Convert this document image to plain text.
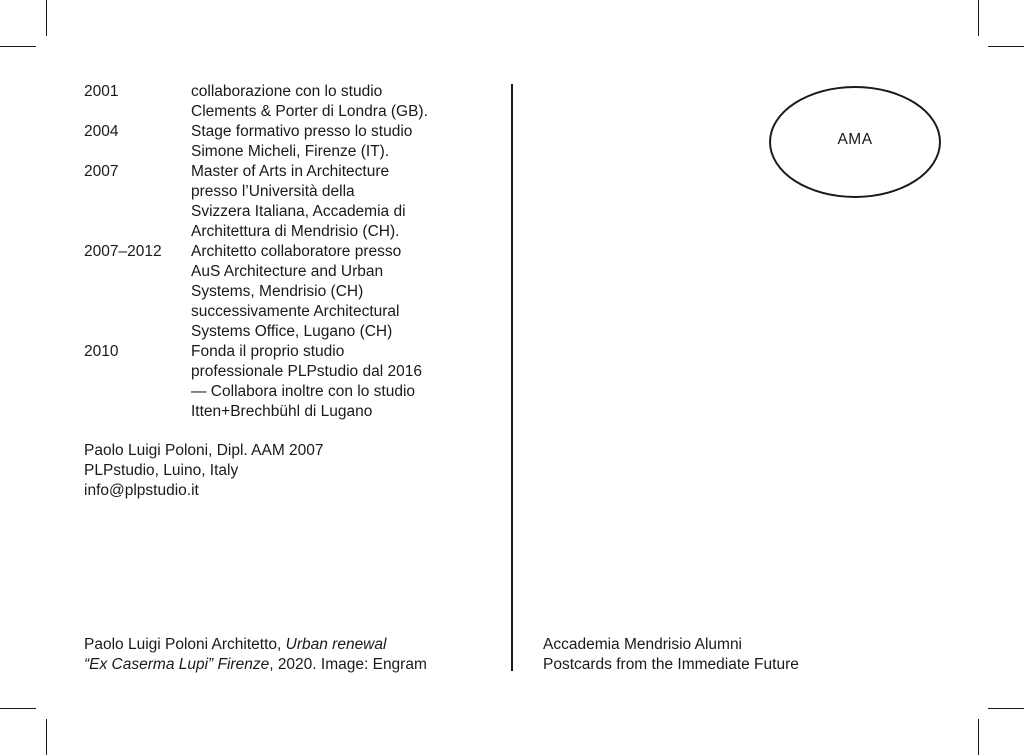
2001	collaborazione con lo studio
Clements & Porter di Londra (GB).
2004	Stage formativo presso lo studio
Simone Micheli, Firenze (IT).
2007	Master of Arts in Architecture
presso l’Università della
Svizzera Italiana, Accademia di
Architettura di Mendrisio (CH).
2007–2012	Architetto collaboratore presso
AuS Architecture and Urban
Systems, Mendrisio (CH)
successivamente Architectural
Systems Office, Lugano (CH)
2010	Fonda il proprio studio
professionale PLPstudio dal 2016
— Collabora inoltre con lo studio
Itten+Brechbühl di Lugano
Paolo Luigi Poloni, Dipl. AAM 2007
PLPstudio, Luino, Italy
info@plpstudio.it
Paolo Luigi Poloni Architetto, Urban renewal
“Ex Caserma Lupi” Firenze, 2020. Image: Engram
AMA
Accademia Mendrisio Alumni
Postcards from the Immediate Future
